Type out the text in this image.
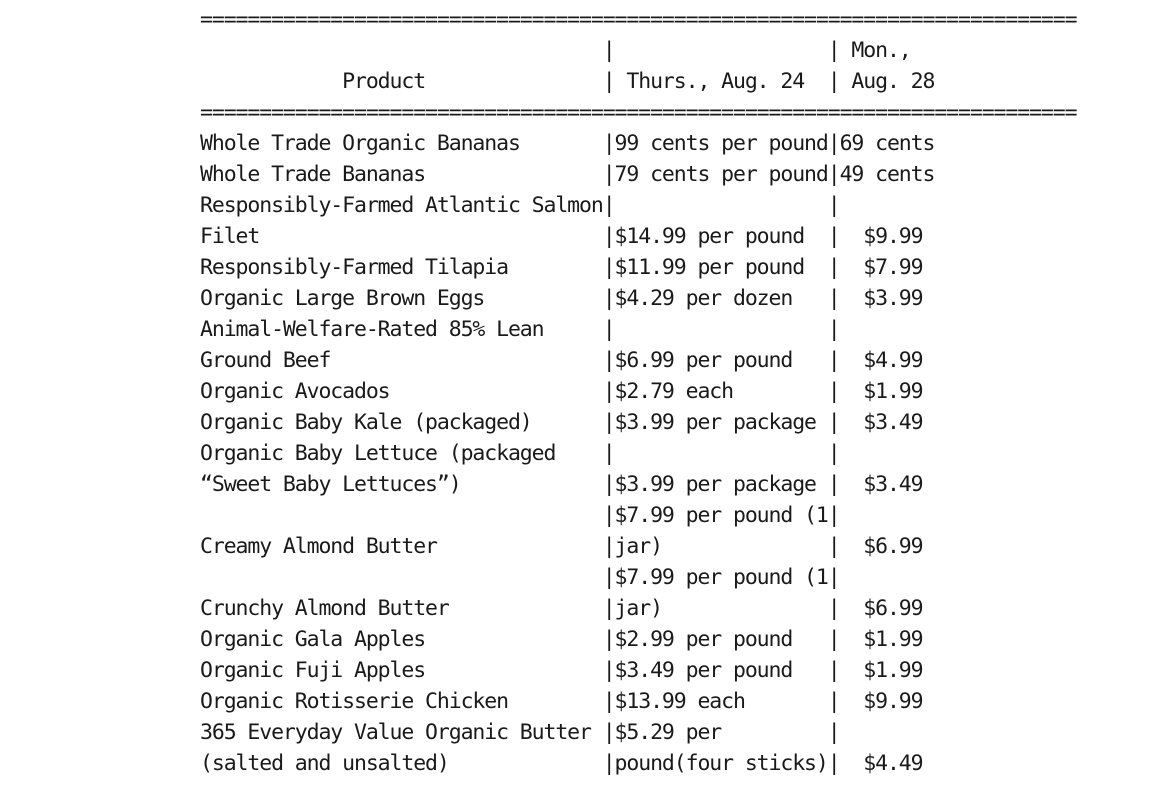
==========================================================================
|                  | Mon.,
Product               | Thurs., Aug. 24  | Aug. 28
==========================================================================
Whole Trade Organic Bananas       |99 cents per pound|69 cents
Whole Trade Bananas               |79 cents per pound|49 cents
Responsibly-Farmed Atlantic Salmon|                  |
Filet                             |$14.99 per pound  |  $9.99
Responsibly-Farmed Tilapia        |$11.99 per pound  |  $7.99
Organic Large Brown Eggs          |$4.29 per dozen   |  $3.99
Animal-Welfare-Rated 85% Lean     |                  |
Ground Beef                       |$6.99 per pound   |  $4.99
Organic Avocados                  |$2.79 each        |  $1.99
Organic Baby Kale (packaged)      |$3.99 per package |  $3.49
Organic Baby Lettuce (packaged    |                  |
“Sweet Baby Lettuces”)            |$3.99 per package |  $3.49
|$7.99 per pound (1|
Creamy Almond Butter              |jar)              |  $6.99
|$7.99 per pound (1|
Crunchy Almond Butter             |jar)              |  $6.99
Organic Gala Apples               |$2.99 per pound   |  $1.99
Organic Fuji Apples               |$3.49 per pound   |  $1.99
Organic Rotisserie Chicken        |$13.99 each       |  $9.99
365 Everyday Value Organic Butter |$5.29 per         |
(salted and unsalted)             |pound(four sticks)|  $4.49
